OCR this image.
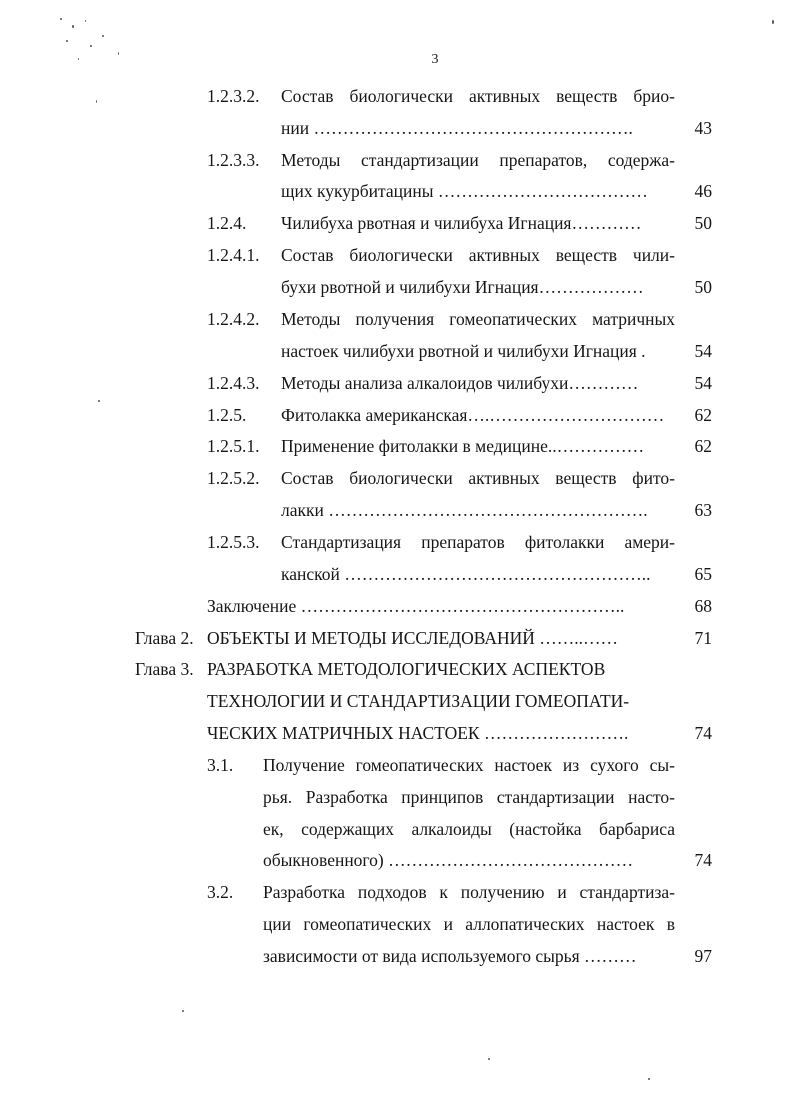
3
1.2.3.2. Состав биологически активных веществ брио-
нии ……………………………………………….	43
1.2.3.3. Методы стандартизации препаратов, содержа-
щих кукурбитацины ………………………………	46
1.2.4. Чилибуха рвотная и чилибуха Игнация…………	50
1.2.4.1. Состав биологически активных веществ чили-
бухи рвотной и чилибухи Игнация………………	50
1.2.4.2. Методы получения гомеопатических матричных
настоек чилибухи рвотной и чилибухи Игнация .	54
1.2.4.3. Методы анализа алкалоидов чилибухи…………	54
1.2.5. Фитолакка американская….………………………… 62
1.2.5.1. Применение фитолакки в медицине..……………	62
1.2.5.2. Состав биологически активных веществ фито-
лакки ……………………………………………….	63
1.2.5.3. Стандартизация препаратов фитолакки амери-
канской ……………………………………………..	65
Заключение ………………………………………………..	68
Глава 2. ОБЪЕКТЫ И МЕТОДЫ ИССЛЕДОВАНИЙ ……..……	71
Глава 3. РАЗРАБОТКА МЕТОДОЛОГИЧЕСКИХ АСПЕКТОВ
ТЕХНОЛОГИИ И СТАНДАРТИЗАЦИИ ГОМЕОПАТИ-
ЧЕСКИХ МАТРИЧНЫХ НАСТОЕК …………………….	74
3.1. Получение гомеопатических настоек из сухого сы-
рья. Разработка принципов стандартизации насто-
ек, содержащих алкалоиды (настойка барбариса
обыкновенного) ……………………………………	74
3.2. Разработка подходов к получению и стандартиза-
ции гомеопатических и аллопатических настоек в
зависимости от вида используемого сырья ………	97
